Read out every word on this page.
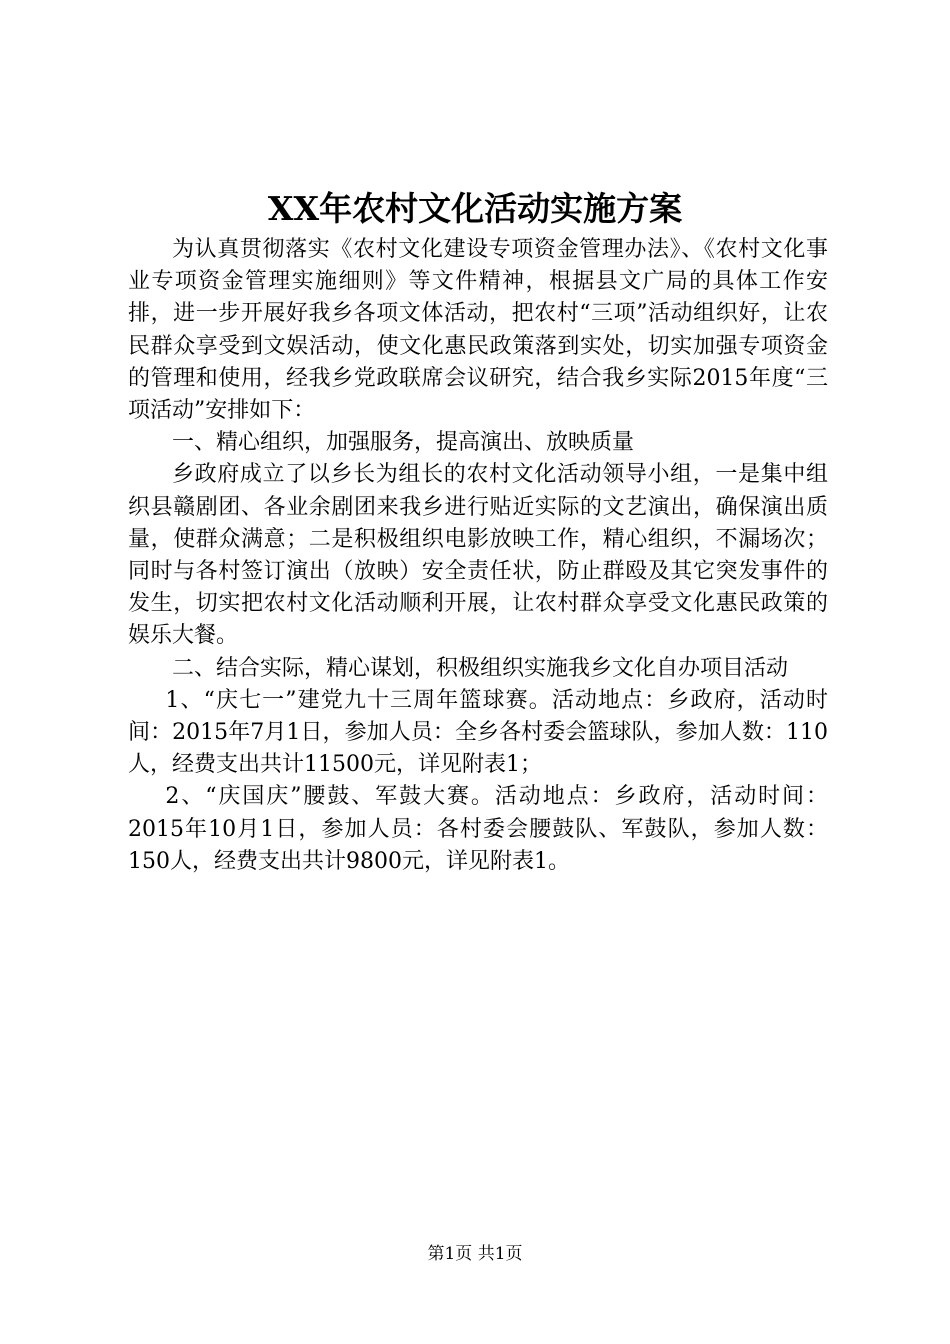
XX年农村文化活动实施方案

为认真贯彻落实《农村文化建设专项资金管理办法》、《农村文化事业专项资金管理实施细则》等文件精神，根据县文广局的具体工作安排，进一步开展好我乡各项文体活动，把农村“三项”活动组织好，让农民群众享受到文娱活动，使文化惠民政策落到实处，切实加强专项资金的管理和使用，经我乡党政联席会议研究，结合我乡实际2015年度“三项活动”安排如下：

一、精心组织，加强服务，提高演出、放映质量

乡政府成立了以乡长为组长的农村文化活动领导小组，一是集中组织县赣剧团、各业余剧团来我乡进行贴近实际的文艺演出，确保演出质量，使群众满意；二是积极组织电影放映工作，精心组织，不漏场次；同时与各村签订演出（放映）安全责任状，防止群殴及其它突发事件的发生，切实把农村文化活动顺利开展，让农村群众享受文化惠民政策的娱乐大餐。

二、结合实际，精心谋划，积极组织实施我乡文化自办项目活动

1、“庆七一”建党九十三周年篮球赛。活动地点：乡政府，活动时间：2015年7月1日，参加人员：全乡各村委会篮球队，参加人数：110人，经费支出共计11500元，详见附表1；

2、“庆国庆”腰鼓、军鼓大赛。活动地点：乡政府，活动时间：2015年10月1日，参加人员：各村委会腰鼓队、军鼓队，参加人数：150人，经费支出共计9800元，详见附表1。

第1页 共1页
